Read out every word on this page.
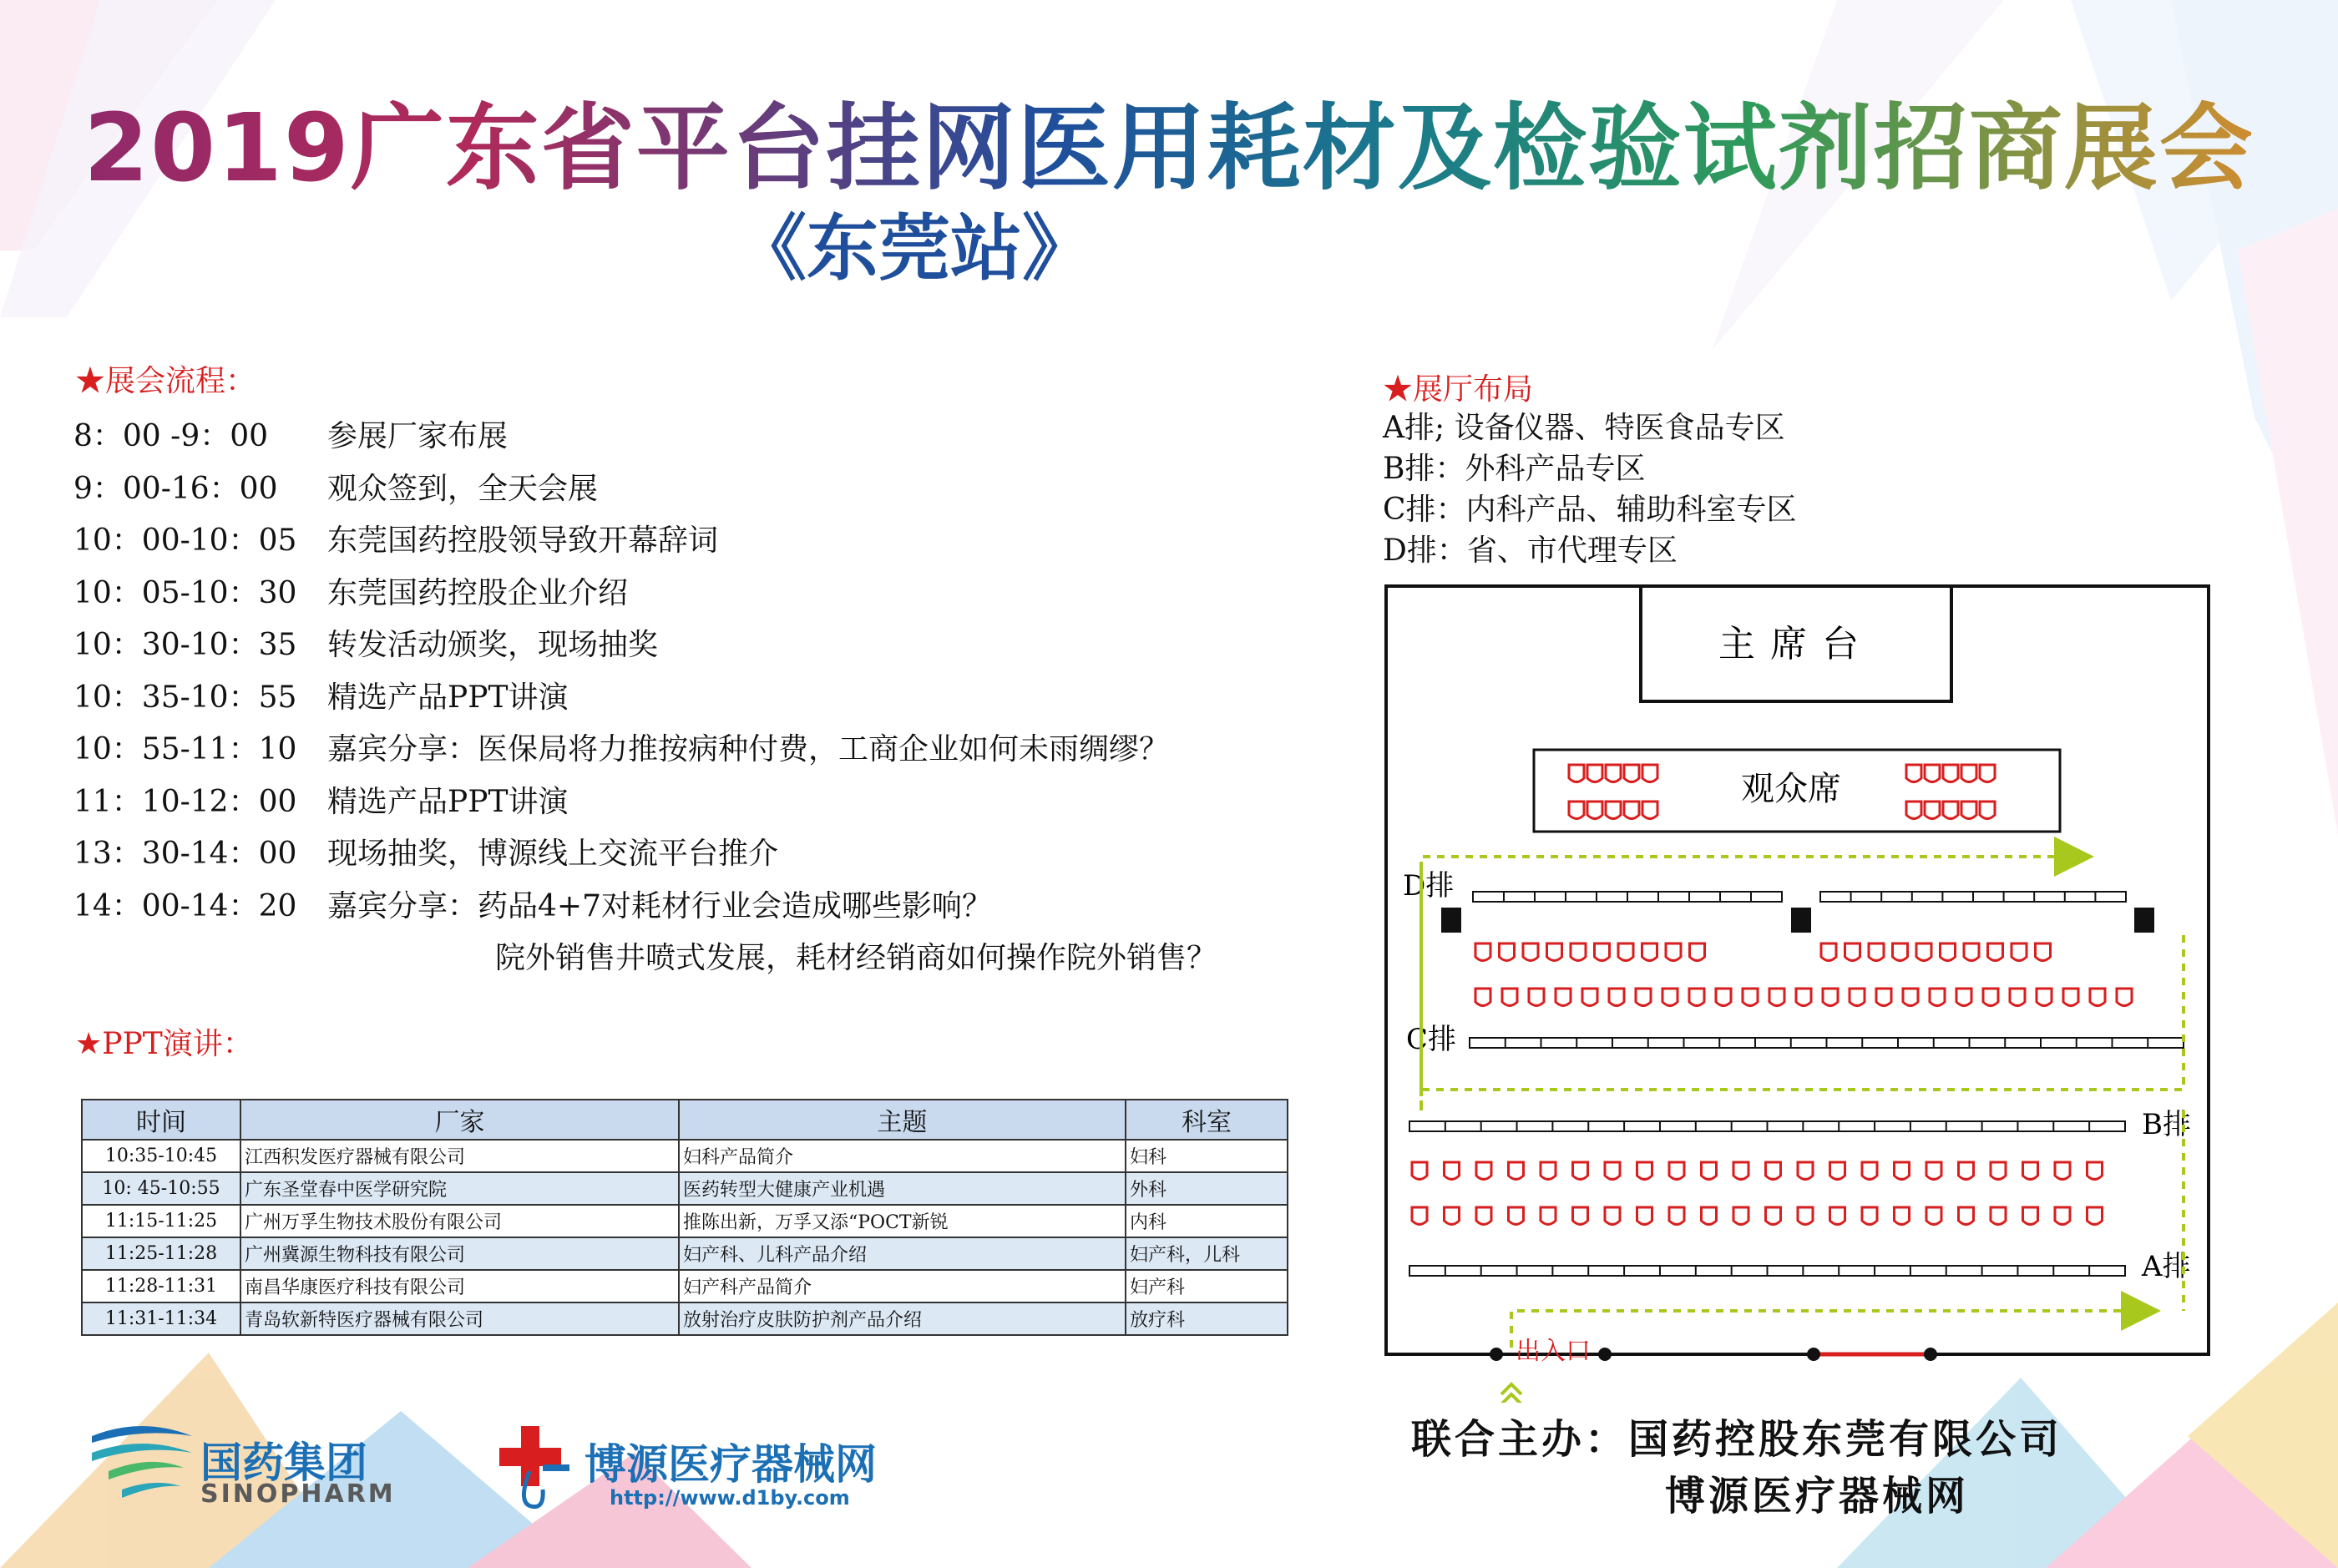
2019广东省平台挂网医用耗材及检验试剂招商展会
《东莞站》
★展会流程：
8：00 -9：00	参展厂家布展
9：00-16：00	观众签到，全天会展
10：00-10：05	东莞国药控股领导致开幕辞词
10：05-10：30	东莞国药控股企业介绍
10：30-10：35	转发活动颁奖，现场抽奖
10：35-10：55	精选产品PPT讲演
10：55-11：10	嘉宾分享：医保局将力推按病种付费，工商企业如何未雨绸缪？
11：10-12：00	精选产品PPT讲演
13：30-14：00	现场抽奖，博源线上交流平台推介
14：00-14：20	嘉宾分享：药品4+7对耗材行业会造成哪些影响？
院外销售井喷式发展，耗材经销商如何操作院外销售？
★PPT演讲：
时间	厂家	主题	科室
10:35-10:45	江西积发医疗器械有限公司	妇科产品简介	妇科
10: 45-10:55	广东圣堂春中医学研究院	医药转型大健康产业机遇	外科
11:15-11:25	广州万孚生物技术股份有限公司	推陈出新，万孚又添“POCT新锐	内科
11:25-11:28	广州冀源生物科技有限公司	妇产科、儿科产品介绍	妇产科，儿科
11:28-11:31	南昌华康医疗科技有限公司	妇产科产品简介	妇产科
11:31-11:34	青岛软新特医疗器械有限公司	放射治疗皮肤防护剂产品介绍	放疗科
★展厅布局
A排; 设备仪器、特医食品专区
B排：外科产品专区
C排：内科产品、辅助科室专区
D排：省、市代理专区
主席台
观众席
D排
C排
B排
A排
出入口
国药集团
SINOPHARM
博源医疗器械网
http://www.d1by.com
联合主办：国药控股东莞有限公司
博源医疗器械网
